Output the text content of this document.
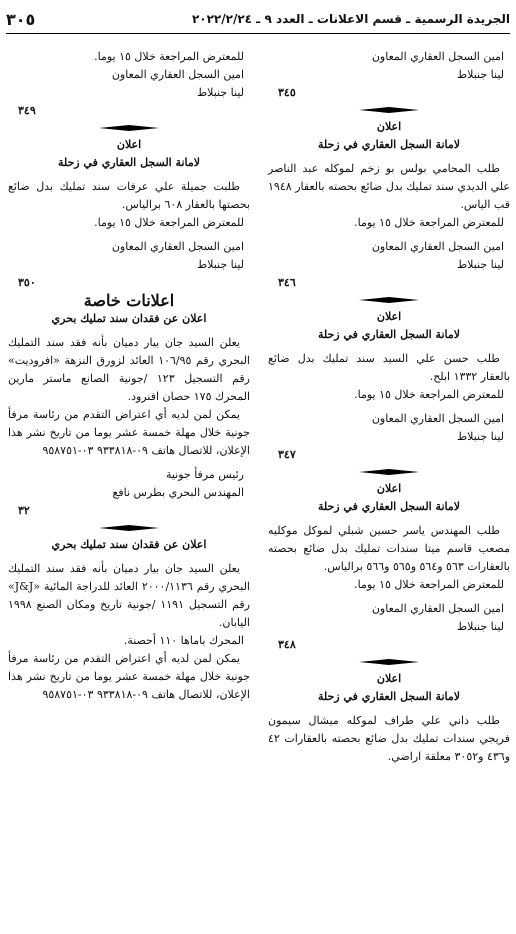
الجريدة الرسمية ـ قسم الاعلانات ـ العدد ٩ ـ ٢٠٢٢/٢/٢٤
٣٠٥

امين السجل العقاري المعاون

لينا جنبلاط

٣٤٥

اعلان

لامانة السجل العقاري في زحلة

طلب المحامي بولس بو زخم لموكله عبد الناصر علي الديدي سند تمليك بدل ضائع بحصته بالعقار ١٩٤٨ قب الياس.

للمعترض المراجعة خلال ١٥ يوما.

امين السجل العقاري المعاون

لينا جنبلاط

٣٤٦

اعلان

لامانة السجل العقاري في زحلة

طلب حسن علي السيد سند تمليك بدل ضائع بالعقار ١٣٣٢ ابلح.

للمعترض المراجعة خلال ١٥ يوما.

امين السجل العقاري المعاون

لينا جنبلاط

٣٤٧

اعلان

لامانة السجل العقاري في زحلة

طلب المهندس ياسر حسين شبلي لموكل موكليه مصعب قاسم ميتا سندات تمليك بدل ضائع بحصته بالعقارات ٥٦٣ و٥٦٤ و٥٦٥ و٥٦٦ برالياس.

للمعترض المراجعة خلال ١٥ يوما.

امين السجل العقاري المعاون

لينا جنبلاط

٣٤٨

اعلان

لامانة السجل العقاري في زحلة

طلب داني علي طراف لموكله ميشال سيمون فريجي سندات تمليك بدل ضائع بحصته بالعقارات ٤٢ و٤٣٦ و٣٠٥٢ معلقة اراضي.

للمعترض المراجعة خلال ١٥ يوما.

امين السجل العقاري المعاون

لينا جنبلاط

٣٤٩

اعلان

لامانة السجل العقاري في زحلة

طلبت جميلة علي عرفات سند تمليك بدل ضائع بحصتها بالعقار ٦٠٨ برالياس.

للمعترض المراجعة خلال ١٥ يوما.

امين السجل العقاري المعاون

لينا جنبلاط

٣٥٠

اعلانات خاصة

اعلان عن فقدان سند تمليك بحري

يعلن السيد جان بيار دميان بأنه فقد سند التمليك البحري رقم ١٠٦/٩٥ العائد لزورق النزهة «افروديت» رقم التسجيل ١٢٣ /جونية الصانع ماستر مارين المحرك ١٧٥ حصان افنرود.

يمكن لمن لديه أي اعتراض التقدم من رئاسة مرفأ جونية خلال مهلة خمسة عشر يوما من تاريخ نشر هذا الإعلان، للاتصال هاتف ٠٩-٩٣٣٨١٨ ٠٣-٩٥٨٧٥١

رئيس مرفأ جونية

المهندس البحري بطرس نافع

٣٢

اعلان عن فقدان سند تمليك بحري

يعلن السيد جان بيار دميان بأنه فقد سند التمليك البحري رقم ٢٠٠٠/١١٣٦ العائد للدراجة المائية «J&J» رقم التسجيل ١١٩١ /جونية تاريخ ومكان الصنع ١٩٩٨ اليابان.

المحرك باماها ١١٠ أحصنة.

يمكن لمن لديه أي اعتراض التقدم من رئاسة مرفأ جونية خلال مهلة خمسة عشر يوما من تاريخ نشر هذا الإعلان، للاتصال هاتف ٠٩-٩٣٣٨١٨ ٠٣-٩٥٨٧٥١
